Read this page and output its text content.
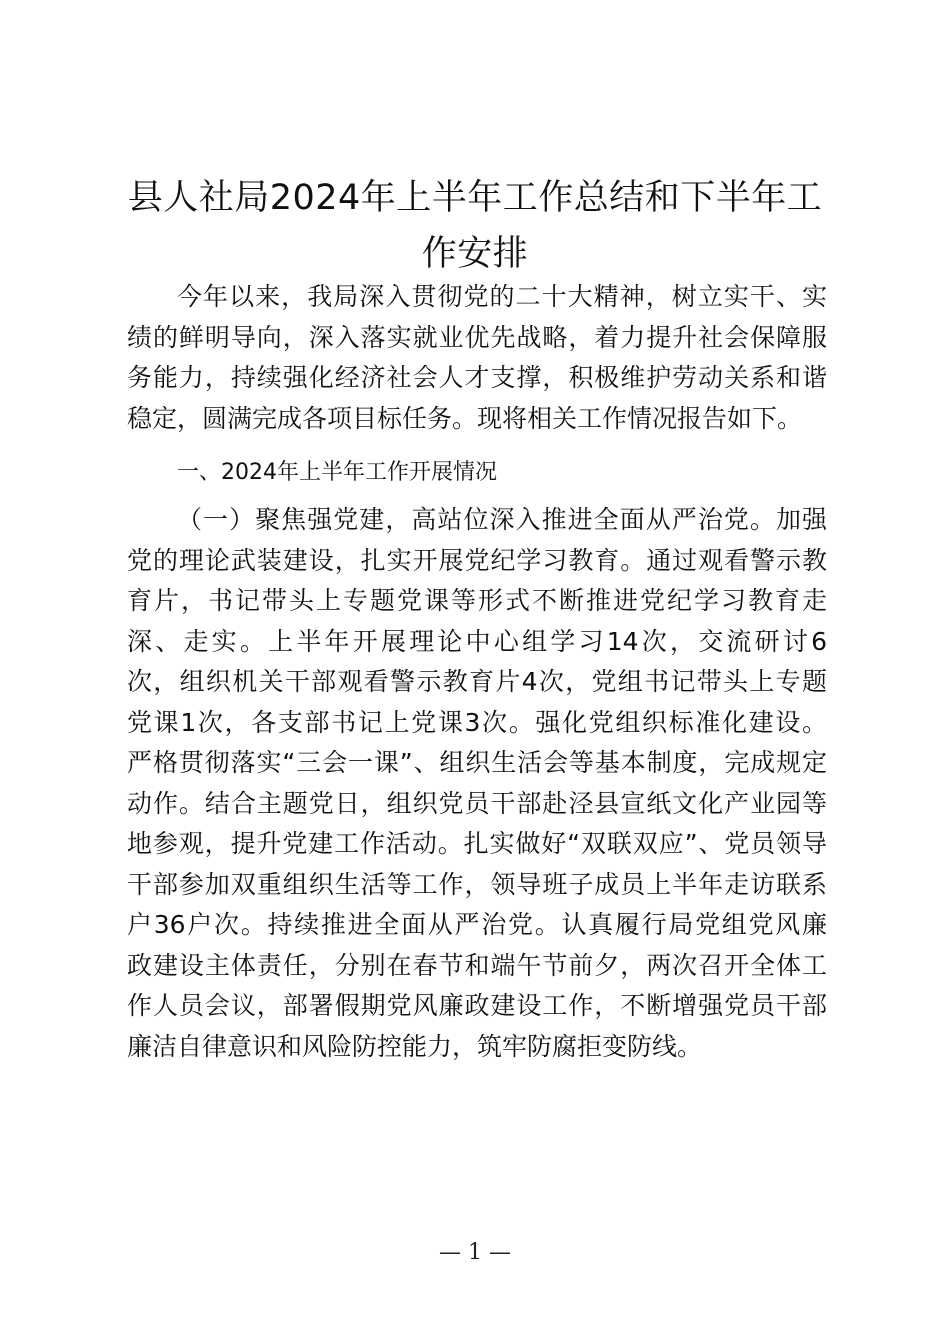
县人社局2024年上半年工作总结和下半年工
作安排
今年以来，我局深入贯彻党的二十大精神，树立实干、实
绩的鲜明导向，深入落实就业优先战略，着力提升社会保障服
务能力，持续强化经济社会人才支撑，积极维护劳动关系和谐
稳定，圆满完成各项目标任务。现将相关工作情况报告如下。
一、2024年上半年工作开展情况
（一）聚焦强党建，高站位深入推进全面从严治党。加强
党的理论武装建设，扎实开展党纪学习教育。通过观看警示教
育片，书记带头上专题党课等形式不断推进党纪学习教育走
深、走实。上半年开展理论中心组学习14次，交流研讨6
次，组织机关干部观看警示教育片4次，党组书记带头上专题
党课1次，各支部书记上党课3次。强化党组织标准化建设。
严格贯彻落实“三会一课”、组织生活会等基本制度，完成规定
动作。结合主题党日，组织党员干部赴泾县宣纸文化产业园等
地参观，提升党建工作活动。扎实做好“双联双应”、党员领导
干部参加双重组织生活等工作，领导班子成员上半年走访联系
户36户次。持续推进全面从严治党。认真履行局党组党风廉
政建设主体责任，分别在春节和端午节前夕，两次召开全体工
作人员会议，部署假期党风廉政建设工作，不断增强党员干部
廉洁自律意识和风险防控能力，筑牢防腐拒变防线。
— 1 —
